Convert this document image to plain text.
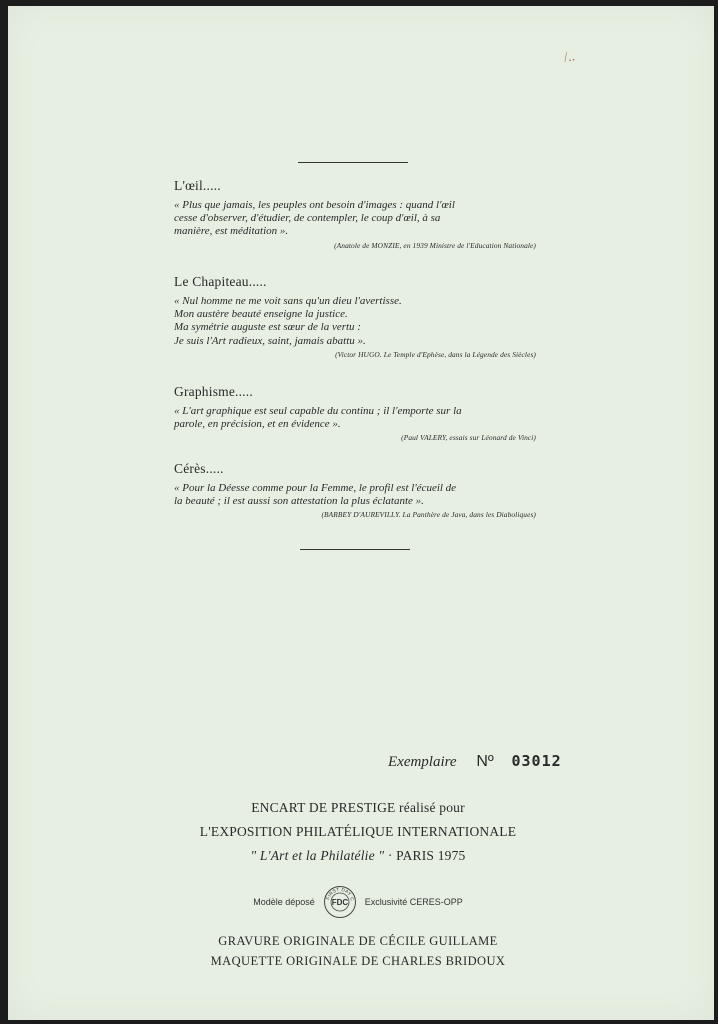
/..
L'œil.....

« Plus que jamais, les peuples ont besoin d'images : quand l'œil
cesse d'observer, d'étudier, de contempler, le coup d'œil, à sa
manière, est méditation ».

(Anatole de MONZIE, en 1939 Ministre de l'Education Nationale)
Le Chapiteau.....

« Nul homme ne me voit sans qu'un dieu l'avertisse.
Mon austère beauté enseigne la justice.
Ma symétrie auguste est sœur de la vertu :
Je suis l'Art radieux, saint, jamais abattu ».

(Victor HUGO. Le Temple d'Ephèse, dans la Légende des Siècles)
Graphisme.....

« L'art graphique est seul capable du continu ; il l'emporte sur la
parole, en précision, et en évidence ».

(Paul VALERY, essais sur Léonard de Vinci)
Cérès.....

« Pour la Déesse comme pour la Femme, le profil est l'écueil de
la beauté ; il est aussi son attestation la plus éclatante ».

(BARBEY D'AUREVILLY. La Panthère de Java, dans les Diaboliques)
Exemplaire Nº 03012
ENCART DE PRESTIGE réalisé pour
L'EXPOSITION PHILATÉLIQUE INTERNATIONALE
" L'Art et la Philatélie " · PARIS 1975
Modèle déposé	FIRST DAY C
FDC Exclusivité CERES-OPP
GRAVURE ORIGINALE DE CÉCILE GUILLAME
MAQUETTE ORIGINALE DE CHARLES BRIDOUX
